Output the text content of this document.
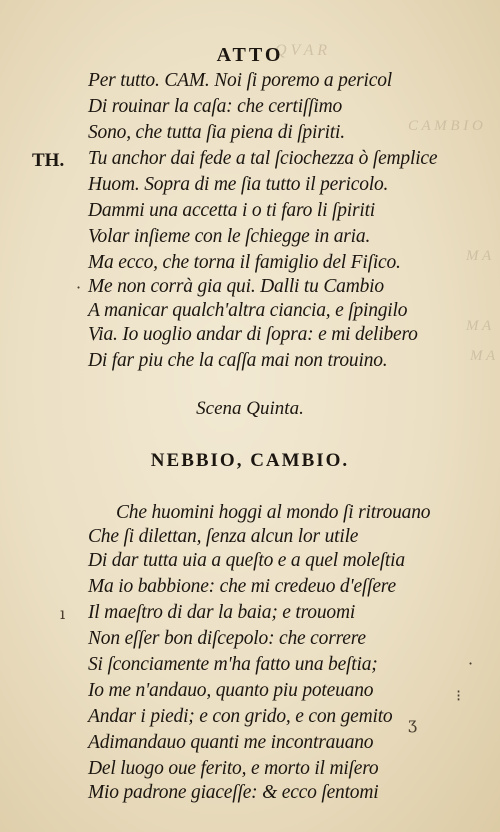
Q V A R
C A M B I O
M A
M A
M A
ATTO
TH.
Per tutto. CAM. Noi ſi poremo a pericol
Di rouinar la caſa: che certiſſimo
Sono, che tutta ſia piena di ſpiriti.
Tu anchor dai fede a tal ſciochezza ò ſemplice
Huom. Sopra di me ſia tutto il pericolo.
Dammi una accetta i o ti faro li ſpiriti
Volar inſieme con le ſchiegge in aria.
Ma ecco, che torna il famiglio del Fiſico.
Me non corrà gia qui. Dalli tu Cambio
A manicar qualch'altra ciancia, e ſpingilo
Via. Io uoglio andar di ſopra: e mi delibero
Di far piu che la caſſa mai non trouino.
Scena Quinta.
NEBBIO, CAMBIO.
Che huomini hoggi al mondo ſi ritrouano
Che ſi dilettan, ſenza alcun lor utile
Di dar tutta uia a queſto e a quel moleſtia
Ma io babbione: che mi credeuo d'eſſere
Il maeſtro di dar la baia; e trouomi
Non eſſer bon diſcepolo: che correre
Si ſconciamente m'ha fatto una beſtia;
Io me n'andauo, quanto piu poteuano
Andar i piedi; e con grido, e con gemito
Adimandauo quanti me incontrauano
Del luogo oue ferito, e morto il miſero
Mio padrone giaceſſe: & ecco ſentomi
·
ı
·
⁝
ʒ
